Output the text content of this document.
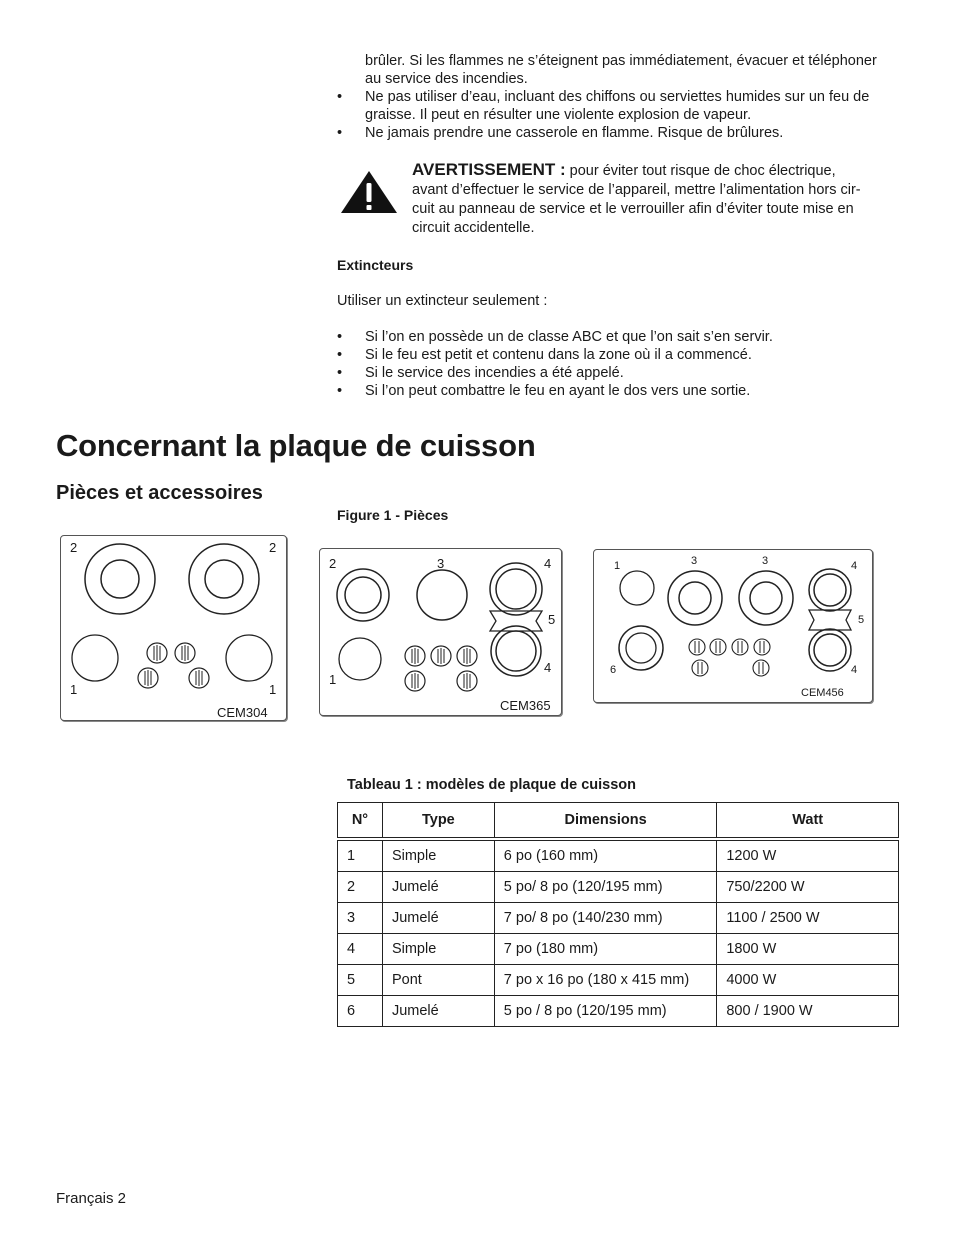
brûler. Si les flammes ne s’éteignent pas immédiatement, évacuer et téléphoner
au service des incendies.
• Ne pas utiliser d’eau, incluant des chiffons ou serviettes humides sur un feu de
graisse. Il peut en résulter une violente explosion de vapeur.
• Ne jamais prendre une casserole en flamme. Risque de brûlures.
AVERTISSEMENT : pour éviter tout risque de choc électrique,
avant d’effectuer le service de l’appareil, mettre l’alimentation hors cir-
cuit au panneau de service et le verrouiller afin d’éviter toute mise en
circuit accidentelle.
Extincteurs
Utiliser un extincteur seulement :
• Si l’on en possède un de classe ABC et que l’on sait s’en servir.
• Si le feu est petit et contenu dans la zone où il a commencé.
• Si le service des incendies a été appelé.
• Si l’on peut combattre le feu en ayant le dos vers une sortie.
Concernant la plaque de cuisson
Pièces et accessoires
Figure 1 - Pièces
2	2
1	1
CEM304
2	3	4
5
1
4
CEM365
1	3	3	4
5
6	4
CEM456
Tableau 1 : modèles de plaque de cuisson
N°	Type	Dimensions	Watt
1	Simple	6 po (160 mm)	1200 W
2	Jumelé	5 po/ 8 po (120/195 mm)	750/2200 W
3	Jumelé	7 po/ 8 po (140/230 mm)	1100 / 2500 W
4	Simple	7 po (180 mm)	1800 W
5	Pont	7 po x 16 po (180 x 415 mm)	4000 W
6	Jumelé	5 po / 8 po (120/195 mm)	800 / 1900 W
Français 2
